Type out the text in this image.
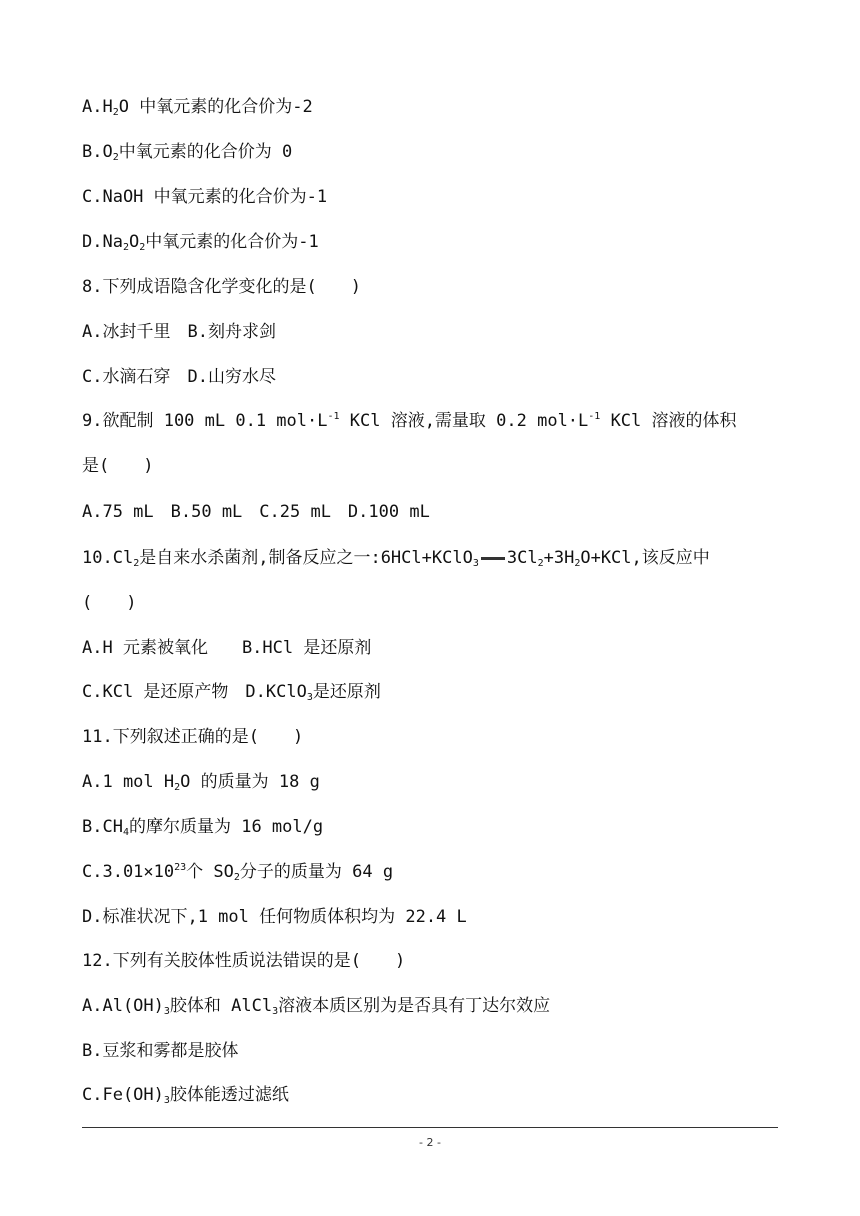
$A.H_2O$ 中氧元素的化合价为-2
$B.O_2$中氧元素的化合价为 0
C.NaOH 中氧元素的化合价为-1
$D.Na_2O_2$中氧元素的化合价为-1
8.下列成语隐含化学变化的是(　　)
A.冰封千里　B.刻舟求剑
C.水滴石穿　D.山穷水尽
9.欲配制 100 mL 0.1 $mol\cdot L^{-1}$ KCl 溶液,需量取 0.2 $mol\cdot L^{-1}$ KCl 溶液的体积
是(　　)
A.75 mL　B.50 mL　C.25 mL　D.100 mL
$10.Cl_2$是自来水杀菌剂,制备反应之一:6HCl+KClO$_3$ $3Cl_2+3H_2O+KCl$,该反应中
(　　)
A.H 元素被氧化　　B.HCl 是还原剂
C.KCl 是还原产物　D.KClO$_3$是还原剂
11.下列叙述正确的是(　　)
A.1 mol $H_2O$ 的质量为 18 g
$B.CH_4$的摩尔质量为 16 mol/g
$C.3.01\times 10^{23}$个 $SO_2$分子的质量为 64 g
D.标准状况下,1 mol 任何物质体积均为 22.4 L
12.下列有关胶体性质说法错误的是(　　)
$A.Al(OH)_3$胶体和 AlCl$_3$溶液本质区别为是否具有丁达尔效应
B.豆浆和雾都是胶体
$C.Fe(OH)_3$胶体能透过滤纸
- 2 -
